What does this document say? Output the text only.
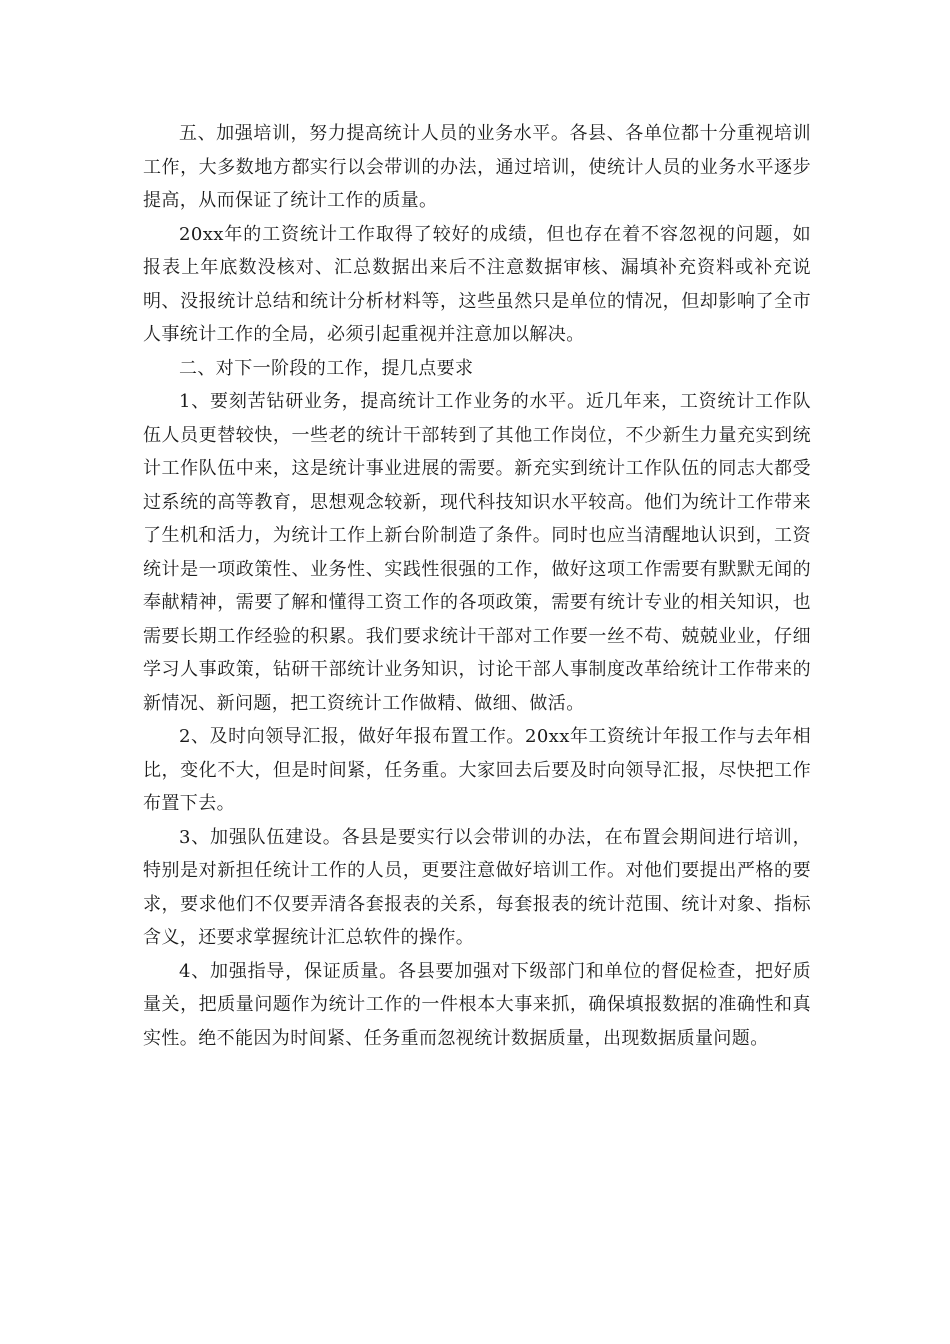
五、加强培训，努力提高统计人员的业务水平。各县、各单位都十分重视培训工作，大多数地方都实行以会带训的办法，通过培训，使统计人员的业务水平逐步提高，从而保证了统计工作的质量。

20xx年的工资统计工作取得了较好的成绩，但也存在着不容忽视的问题，如报表上年底数没核对、汇总数据出来后不注意数据审核、漏填补充资料或补充说明、没报统计总结和统计分析材料等，这些虽然只是单位的情况，但却影响了全市人事统计工作的全局，必须引起重视并注意加以解决。

二、对下一阶段的工作，提几点要求

1、要刻苦钻研业务，提高统计工作业务的水平。近几年来，工资统计工作队伍人员更替较快，一些老的统计干部转到了其他工作岗位，不少新生力量充实到统计工作队伍中来，这是统计事业进展的需要。新充实到统计工作队伍的同志大都受过系统的高等教育，思想观念较新，现代科技知识水平较高。他们为统计工作带来了生机和活力，为统计工作上新台阶制造了条件。同时也应当清醒地认识到，工资统计是一项政策性、业务性、实践性很强的工作，做好这项工作需要有默默无闻的奉献精神，需要了解和懂得工资工作的各项政策，需要有统计专业的相关知识，也需要长期工作经验的积累。我们要求统计干部对工作要一丝不苟、兢兢业业，仔细学习人事政策，钻研干部统计业务知识，讨论干部人事制度改革给统计工作带来的新情况、新问题，把工资统计工作做精、做细、做活。

2、及时向领导汇报，做好年报布置工作。20xx年工资统计年报工作与去年相比，变化不大，但是时间紧，任务重。大家回去后要及时向领导汇报，尽快把工作布置下去。

3、加强队伍建设。各县是要实行以会带训的办法，在布置会期间进行培训，特别是对新担任统计工作的人员，更要注意做好培训工作。对他们要提出严格的要求，要求他们不仅要弄清各套报表的关系，每套报表的统计范围、统计对象、指标含义，还要求掌握统计汇总软件的操作。

4、加强指导，保证质量。各县要加强对下级部门和单位的督促检查，把好质量关，把质量问题作为统计工作的一件根本大事来抓，确保填报数据的准确性和真实性。绝不能因为时间紧、任务重而忽视统计数据质量，出现数据质量问题。
